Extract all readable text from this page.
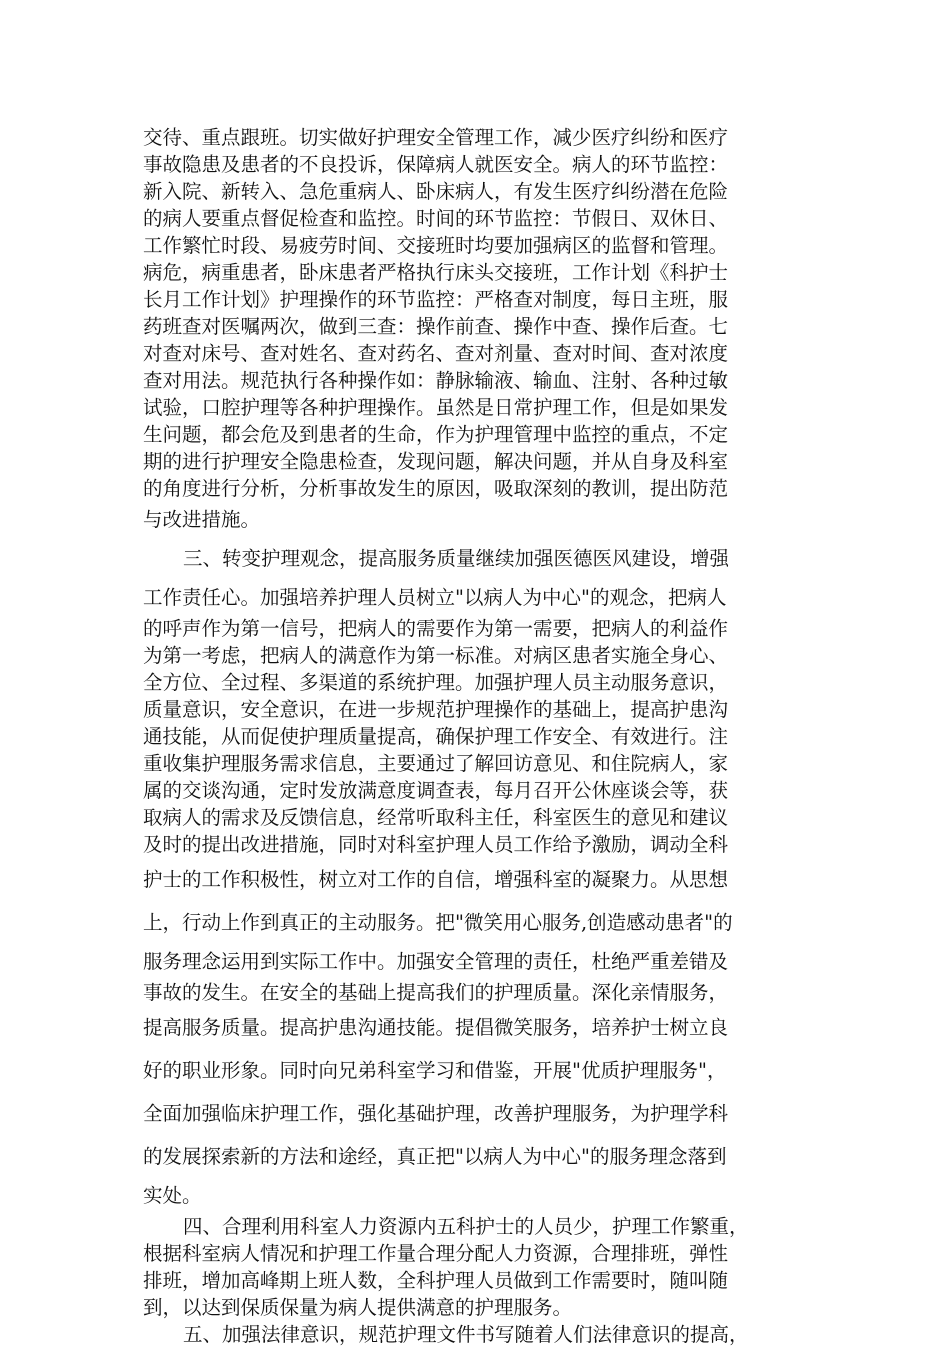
交待、重点跟班。切实做好护理安全管理工作，减少医疗纠纷和医疗
事故隐患及患者的不良投诉，保障病人就医安全。病人的环节监控：
新入院、新转入、急危重病人、卧床病人，有发生医疗纠纷潜在危险
的病人要重点督促检查和监控。时间的环节监控：节假日、双休日、
工作繁忙时段、易疲劳时间、交接班时均要加强病区的监督和管理。
病危，病重患者，卧床患者严格执行床头交接班，工作计划《科护士
长月工作计划》护理操作的环节监控：严格查对制度，每日主班，服
药班查对医嘱两次，做到三查：操作前查、操作中查、操作后查。七
对查对床号、查对姓名、查对药名、查对剂量、查对时间、查对浓度
查对用法。规范执行各种操作如：静脉输液、输血、注射、各种过敏
试验，口腔护理等各种护理操作。虽然是日常护理工作，但是如果发
生问题，都会危及到患者的生命，作为护理管理中监控的重点，不定
期的进行护理安全隐患检查，发现问题，解决问题，并从自身及科室
的角度进行分析，分析事故发生的原因，吸取深刻的教训，提出防范
与改进措施。
三、转变护理观念，提高服务质量继续加强医德医风建设，增强
工作责任心。加强培养护理人员树立"以病人为中心"的观念，把病人
的呼声作为第一信号，把病人的需要作为第一需要，把病人的利益作
为第一考虑，把病人的满意作为第一标准。对病区患者实施全身心、
全方位、全过程、多渠道的系统护理。加强护理人员主动服务意识，
质量意识，安全意识，在进一步规范护理操作的基础上，提高护患沟
通技能，从而促使护理质量提高，确保护理工作安全、有效进行。注
重收集护理服务需求信息，主要通过了解回访意见、和住院病人，家
属的交谈沟通，定时发放满意度调查表，每月召开公休座谈会等，获
取病人的需求及反馈信息，经常听取科主任，科室医生的意见和建议
及时的提出改进措施，同时对科室护理人员工作给予激励，调动全科
护士的工作积极性，树立对工作的自信，增强科室的凝聚力。从思想
上，行动上作到真正的主动服务。把"微笑用心服务,创造感动患者"的
服务理念运用到实际工作中。加强安全管理的责任，杜绝严重差错及
事故的发生。在安全的基础上提高我们的护理质量。深化亲情服务，
提高服务质量。提高护患沟通技能。提倡微笑服务，培养护士树立良
好的职业形象。同时向兄弟科室学习和借鉴，开展"优质护理服务"，
全面加强临床护理工作，强化基础护理，改善护理服务，为护理学科
的发展探索新的方法和途经，真正把"以病人为中心"的服务理念落到
实处。
四、合理利用科室人力资源内五科护士的人员少，护理工作繁重，
根据科室病人情况和护理工作量合理分配人力资源，合理排班，弹性
排班，增加高峰期上班人数，全科护理人员做到工作需要时，随叫随
到，以达到保质保量为病人提供满意的护理服务。
五、加强法律意识，规范护理文件书写随着人们法律意识的提高，
